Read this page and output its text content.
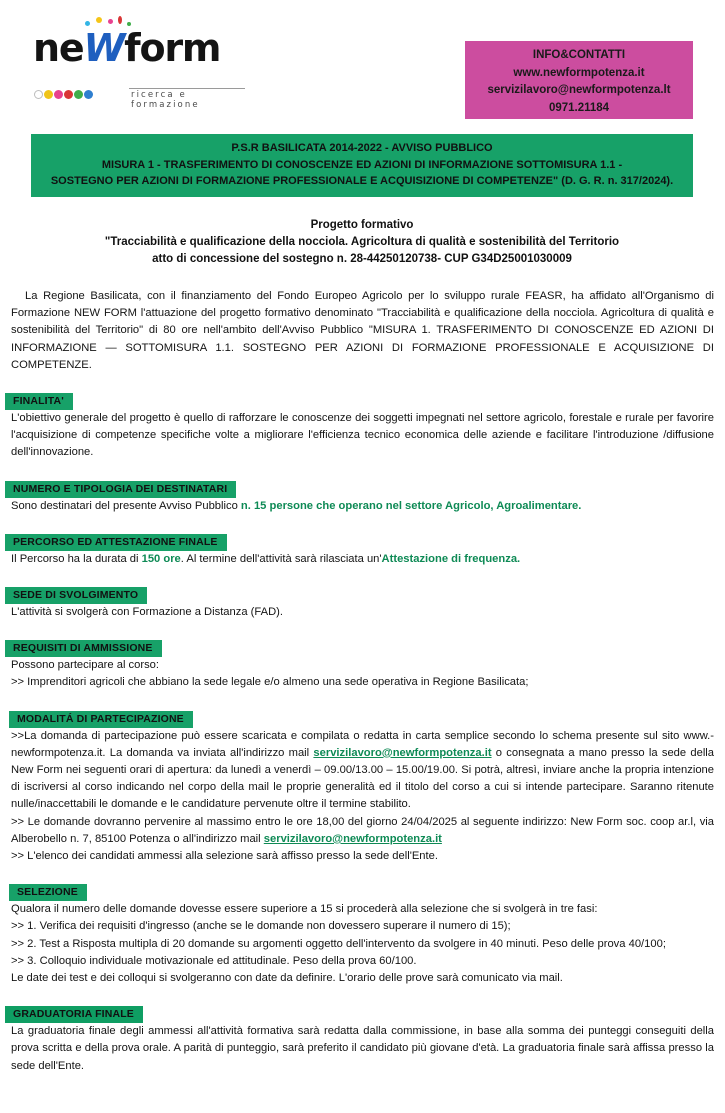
neWform
ricerca e formazione
INFO&CONTATTI
www.newformpotenza.it
servizilavoro@newformpotenza.lt
0971.21184
P.S.R BASILICATA 2014-2022 - AVVISO PUBBLICO
MISURA 1 - TRASFERIMENTO DI CONOSCENZE ED AZIONI DI INFORMAZIONE SOTTOMISURA 1.1 -
SOSTEGNO PER AZIONI DI FORMAZIONE PROFESSIONALE E ACQUISIZIONE DI COMPETENZE" (D. G. R. n. 317/2024).
Progetto formativo
"Tracciabilità e qualificazione della nocciola. Agricoltura di qualità e sostenibilità del Territorio
atto di concessione del sostegno n. 28-44250120738- CUP G34D25001030009

La Regione Basilicata, con il finanziamento del Fondo Europeo Agricolo per lo sviluppo rurale FEASR, ha affidato all'Organismo di Formazione NEW FORM l'attuazione del progetto formativo denominato "Tracciabilità e qualificazione della nocciola. Agricoltura di qualità e sostenibilità del Territorio" di 80 ore nell'ambito dell'Avviso Pubblico "MISURA 1. TRASFERIMENTO DI CONOSCENZE ED AZIONI DI INFORMAZIONE — SOTTOMISURA 1.1. SOSTEGNO PER AZIONI DI FORMAZIONE PROFESSIONALE E ACQUISIZIONE DI COMPETENZE.

FINALITA'

L'obiettivo generale del progetto è quello di rafforzare le conoscenze dei soggetti impegnati nel settore agricolo, forestale e rurale per favorire l'acquisizione di competenze specifiche volte a migliorare l'efficienza tecnico economica delle aziende e facilitare l'introduzione /diffusione dell'innovazione.

NUMERO E TIPOLOGIA DEI DESTINATARI

Sono destinatari del presente Avviso Pubblico n. 15 persone che operano nel settore Agricolo, Agroalimentare.

PERCORSO ED ATTESTAZIONE FINALE

Il Percorso ha la durata di 150 ore. Al termine dell'attività sarà rilasciata un'Attestazione di frequenza.

SEDE DI SVOLGIMENTO

L'attività si svolgerà con Formazione a Distanza (FAD).

REQUISITI DI AMMISSIONE

Possono partecipare al corso:

>> Imprenditori agricoli che abbiano la sede legale e/o almeno una sede operativa in Regione Basilicata;

MODALITÁ DI PARTECIPAZIONE

>>La domanda di partecipazione può essere scaricata e compilata o redatta in carta semplice secondo lo schema presente sul sito www.- newformpotenza.it. La domanda va inviata all'indirizzo mail servizilavoro@newformpotenza.it o consegnata a mano presso la sede della New Form nei seguenti orari di apertura: da lunedì a venerdì – 09.00/13.00 – 15.00/19.00. Si potrà, altresì, inviare anche la propria intenzione di iscriversi al corso indicando nel corpo della mail le proprie generalità ed il titolo del corso a cui si intende partecipare. Saranno ritenute nulle/inaccettabili le domande e le candidature pervenute oltre il termine stabilito.

>> Le domande dovranno pervenire al massimo entro le ore 18,00 del giorno 24/04/2025 al seguente indirizzo: New Form soc. coop ar.l, via Alberobello n. 7, 85100 Potenza o all'indirizzo mail servizilavoro@newformpotenza.it

>> L'elenco dei candidati ammessi alla selezione sarà affisso presso la sede dell'Ente.

SELEZIONE

Qualora il numero delle domande dovesse essere superiore a 15 si procederà alla selezione che si svolgerà in tre fasi:

>> 1. Verifica dei requisiti d'ingresso (anche se le domande non dovessero superare il numero di 15);

>> 2. Test a Risposta multipla di 20 domande su argomenti oggetto dell'intervento da svolgere in 40 minuti. Peso delle prova 40/100;

>> 3. Colloquio individuale motivazionale ed attitudinale. Peso della prova 60/100.

Le date dei test e dei colloqui si svolgeranno con date da definire. L'orario delle prove sarà comunicato via mail.

GRADUATORIA FINALE

La graduatoria finale degli ammessi all'attività formativa sarà redatta dalla commissione, in base alla somma dei punteggi conseguiti della prova scritta e della prova orale. A parità di punteggio, sarà preferito il candidato più giovane d'età. La graduatoria finale sarà affissa presso la sede dell'Ente.
